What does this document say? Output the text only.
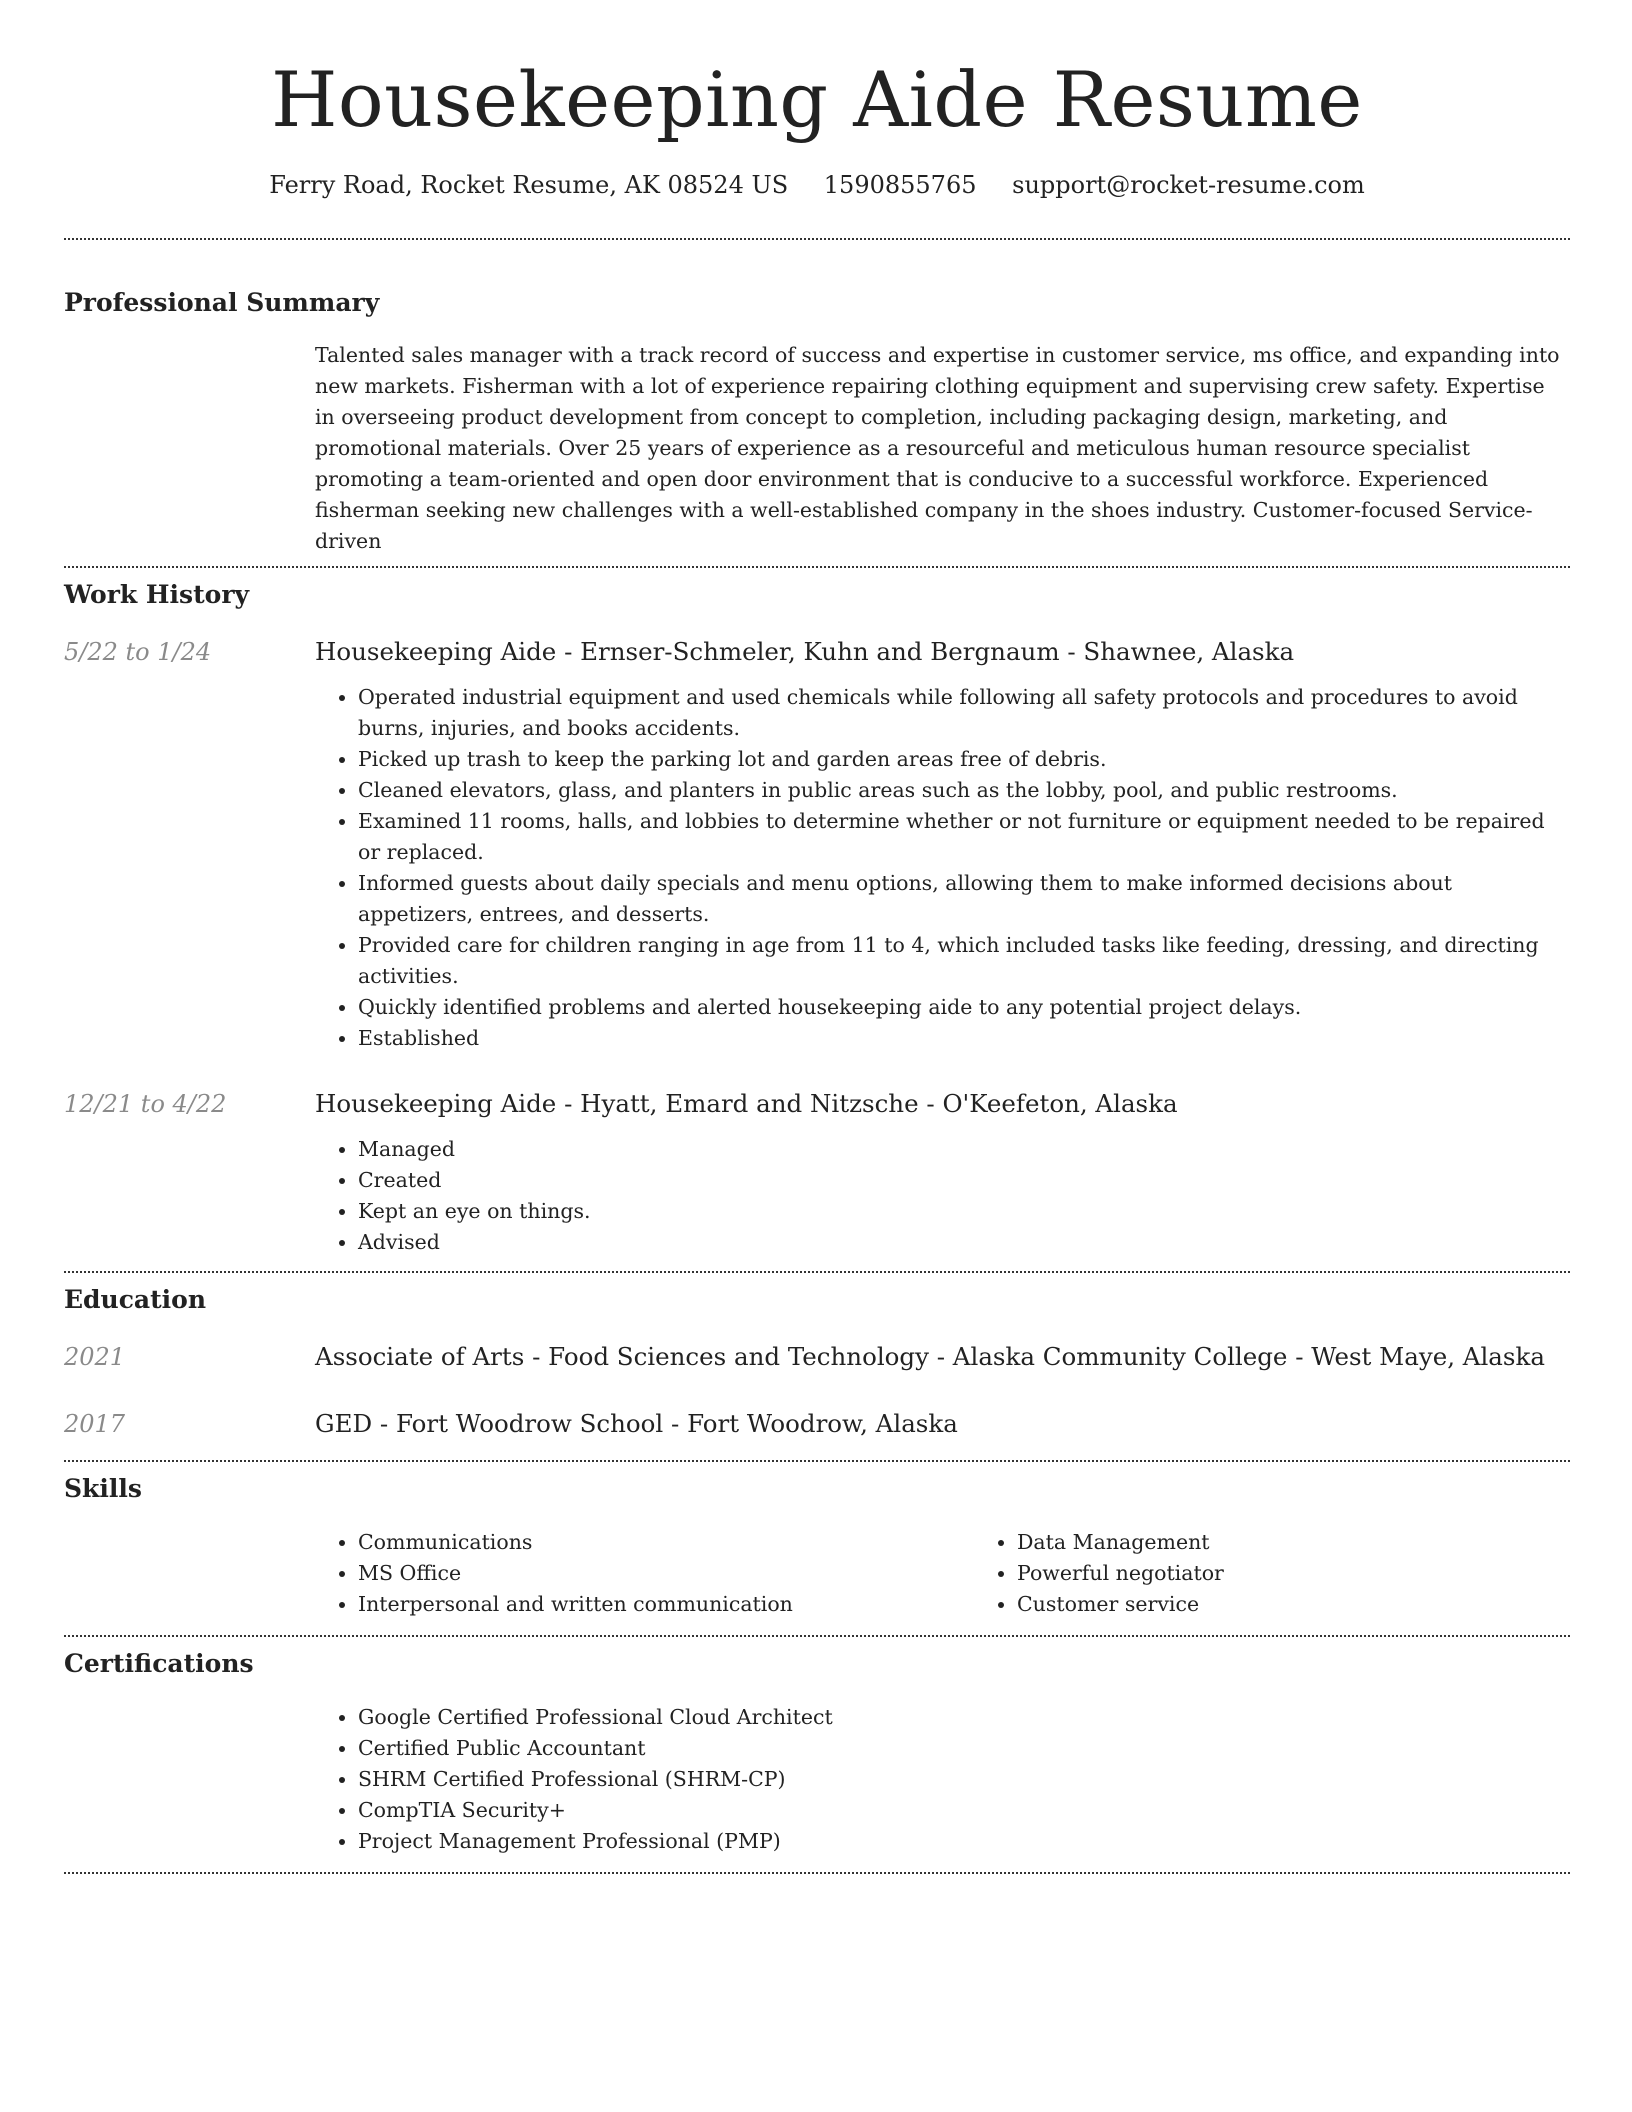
Housekeeping Aide Resume
Ferry Road, Rocket Resume, AK 08524 US 1590855765 support@rocket-resume.com
Professional Summary

Talented sales manager with a track record of success and expertise in customer service, ms office, and expanding into new markets. Fisherman with a lot of experience repairing clothing equipment and supervising crew safety. Expertise in overseeing product development from concept to completion, including packaging design, marketing, and promotional materials. Over 25 years of experience as a resourceful and meticulous human resource specialist promoting a team-oriented and open door environment that is conducive to a successful workforce. Experienced fisherman seeking new challenges with a well-established company in the shoes industry. Customer-focused Service-driven

Work History
5/22 to 1/24	Housekeeping Aide - Ernser-Schmeler, Kuhn and Bergnaum - Shawnee, Alaska
• Operated industrial equipment and used chemicals while following all safety protocols and procedures to avoid burns, injuries, and books accidents.
• Picked up trash to keep the parking lot and garden areas free of debris.
• Cleaned elevators, glass, and planters in public areas such as the lobby, pool, and public restrooms.
• Examined 11 rooms, halls, and lobbies to determine whether or not furniture or equipment needed to be repaired or replaced.
• Informed guests about daily specials and menu options, allowing them to make informed decisions about appetizers, entrees, and desserts.
• Provided care for children ranging in age from 11 to 4, which included tasks like feeding, dressing, and directing activities.
• Quickly identified problems and alerted housekeeping aide to any potential project delays.
• Established
12/21 to 4/22	Housekeeping Aide - Hyatt, Emard and Nitzsche - O'Keefeton, Alaska
• Managed
• Created
• Kept an eye on things.
• Advised
Education
2021	Associate of Arts - Food Sciences and Technology - Alaska Community College - West Maye, Alaska
2017	GED - Fort Woodrow School - Fort Woodrow, Alaska
Skills
• Communications
• MS Office
• Interpersonal and written communication
• Data Management
• Powerful negotiator
• Customer service
Certifications
• Google Certified Professional Cloud Architect
• Certified Public Accountant
• SHRM Certified Professional (SHRM-CP)
• CompTIA Security+
• Project Management Professional (PMP)
